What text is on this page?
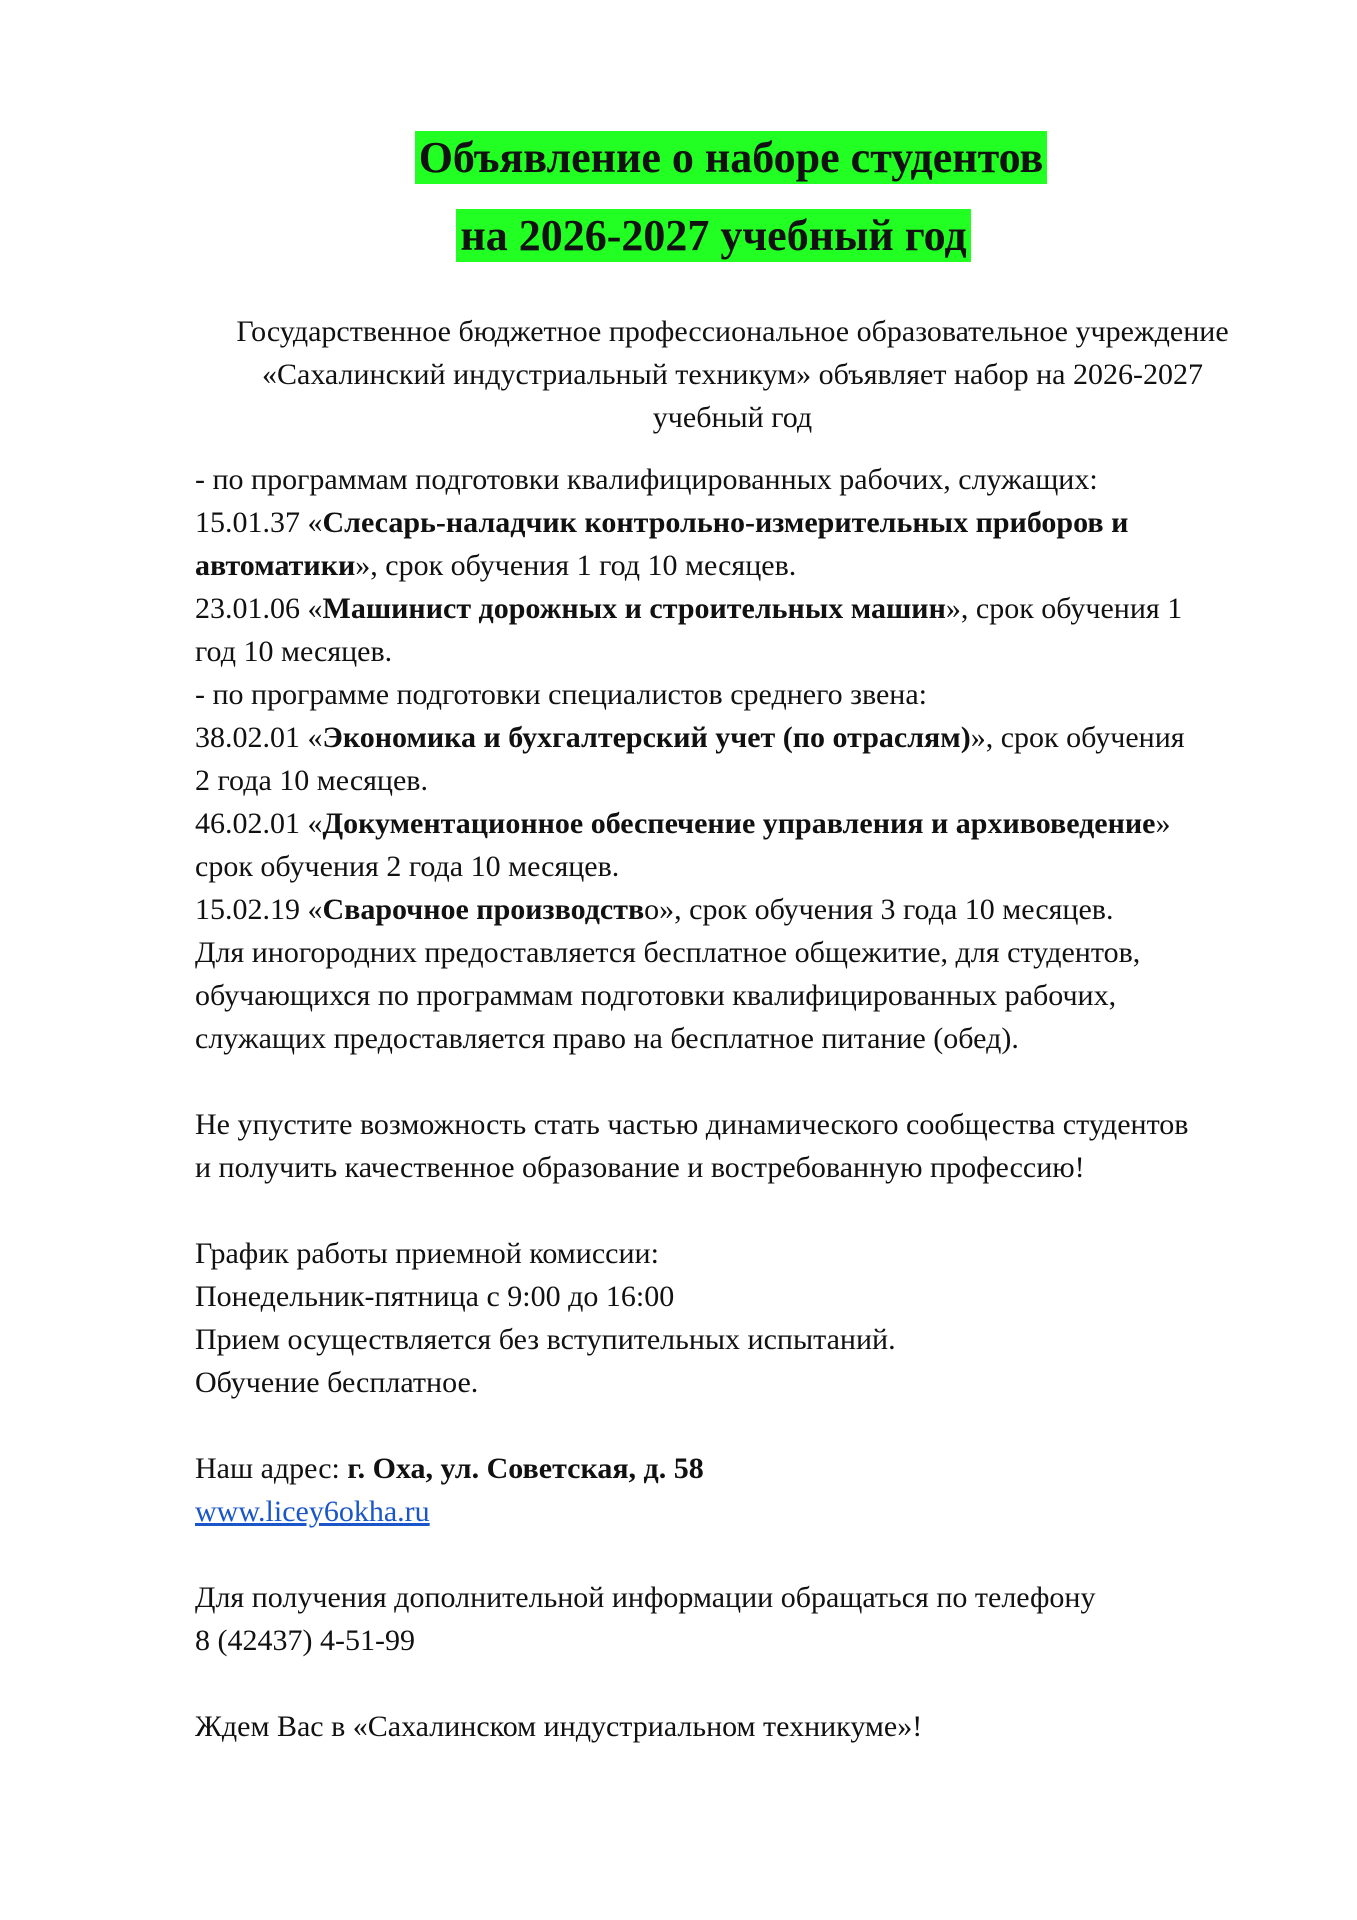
Объявление о наборе студентов
на 2026-2027 учебный год
Государственное бюджетное профессиональное образовательное учреждение
«Сахалинский индустриальный техникум» объявляет набор на 2026-2027
учебный год
- по программам подготовки квалифицированных рабочих, служащих:
15.01.37 «Слесарь-наладчик контрольно-измерительных приборов и
автоматики», срок обучения 1 год 10 месяцев.
23.01.06 «Машинист дорожных и строительных машин», срок обучения 1
год 10 месяцев.
- по программе подготовки специалистов среднего звена:
38.02.01 «Экономика и бухгалтерский учет (по отраслям)», срок обучения
2 года 10 месяцев.
46.02.01 «Документационное обеспечение управления и архивоведение»
срок обучения 2 года 10 месяцев.
15.02.19 «Сварочное производство», срок обучения 3 года 10 месяцев.
Для иногородних предоставляется бесплатное общежитие, для студентов,
обучающихся по программам подготовки квалифицированных рабочих,
служащих предоставляется право на бесплатное питание (обед).
Не упустите возможность стать частью динамического сообщества студентов
и получить качественное образование и востребованную профессию!
График работы приемной комиссии:
Понедельник-пятница с 9:00 до 16:00
Прием осуществляется без вступительных испытаний.
Обучение бесплатное.
Наш адрес: г. Оха, ул. Советская, д. 58
www.licey6okha.ru
Для получения дополнительной информации обращаться по телефону
8 (42437) 4-51-99
Ждем Вас в «Сахалинском индустриальном техникуме»!
